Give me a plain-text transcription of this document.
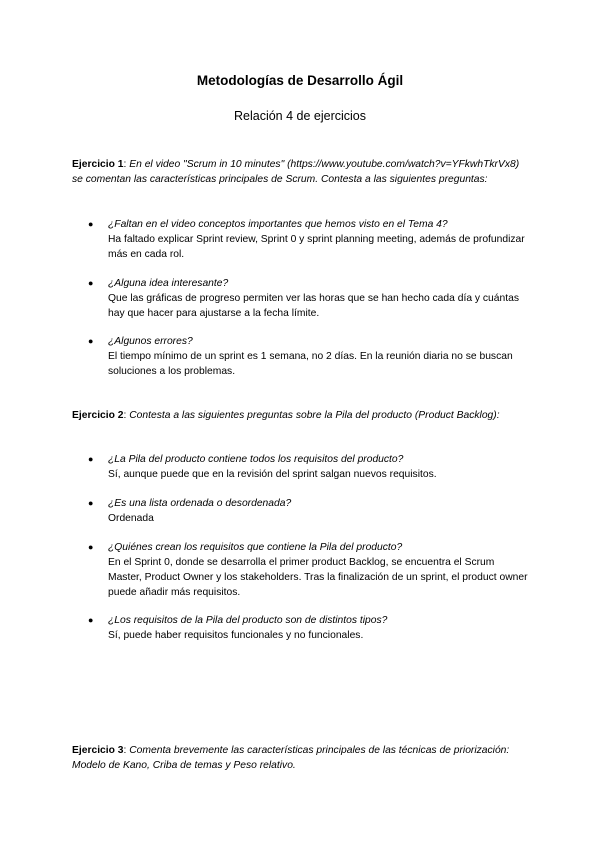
Metodologías de Desarrollo Ágil
Relación 4 de ejercicios
Ejercicio 1: En el video "Scrum in 10 minutes" (https://www.youtube.com/watch?v=YFkwhTkrVx8) se comentan las características principales de Scrum. Contesta a las siguientes preguntas:
● ¿Faltan en el video conceptos importantes que hemos visto en el Tema 4?
Ha faltado explicar Sprint review, Sprint 0 y sprint planning meeting, además de profundizar más en cada rol.
● ¿Alguna idea interesante?
Que las gráficas de progreso permiten ver las horas que se han hecho cada día y cuántas hay que hacer para ajustarse a la fecha límite.
● ¿Algunos errores?
El tiempo mínimo de un sprint es 1 semana, no 2 días. En la reunión diaria no se buscan soluciones a los problemas.
Ejercicio 2: Contesta a las siguientes preguntas sobre la Pila del producto (Product Backlog):
● ¿La Pila del producto contiene todos los requisitos del producto?
Sí, aunque puede que en la revisión del sprint salgan nuevos requisitos.
● ¿Es una lista ordenada o desordenada?
Ordenada
● ¿Quiénes crean los requisitos que contiene la Pila del producto?
En el Sprint 0, donde se desarrolla el primer product Backlog, se encuentra el Scrum Master, Product Owner y los stakeholders. Tras la finalización de un sprint, el product owner puede añadir más requisitos.
● ¿Los requisitos de la Pila del producto son de distintos tipos?
Sí, puede haber requisitos funcionales y no funcionales.
Ejercicio 3: Comenta brevemente las características principales de las técnicas de priorización: Modelo de Kano, Criba de temas y Peso relativo.
